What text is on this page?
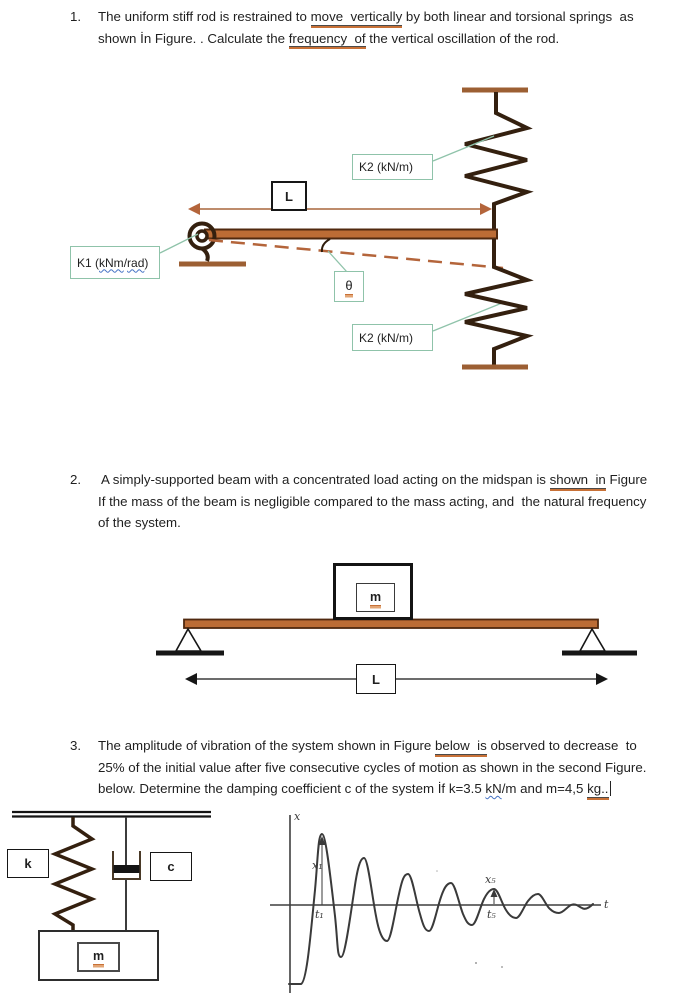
K2 (kN/m)
L
K1 ( kNm / rad )
θ
K2 (kN/m)
m
L
k	c
m
x
t
x₁
t₁
x₅
t₅
1.	The uniform stiff rod is restrained to move  vertically by both linear and torsional springs  as
shown İn Figure. . Calculate the frequency  of the vertical oscillation of the rod.
2.	A simply-supported beam with a concentrated load acting on the midspan is shown  in Figure
If the mass of the beam is negligible compared to the mass acting, and  the natural frequency
of the system.
3.	The amplitude of vibration of the system shown in Figure below  is observed to decrease  to
25% of the initial value after five consecutive cycles of motion as shown in the second Figure.
below. Determine the damping coefficient c of the system İf k=3.5 kN/m and m=4,5 kg..
